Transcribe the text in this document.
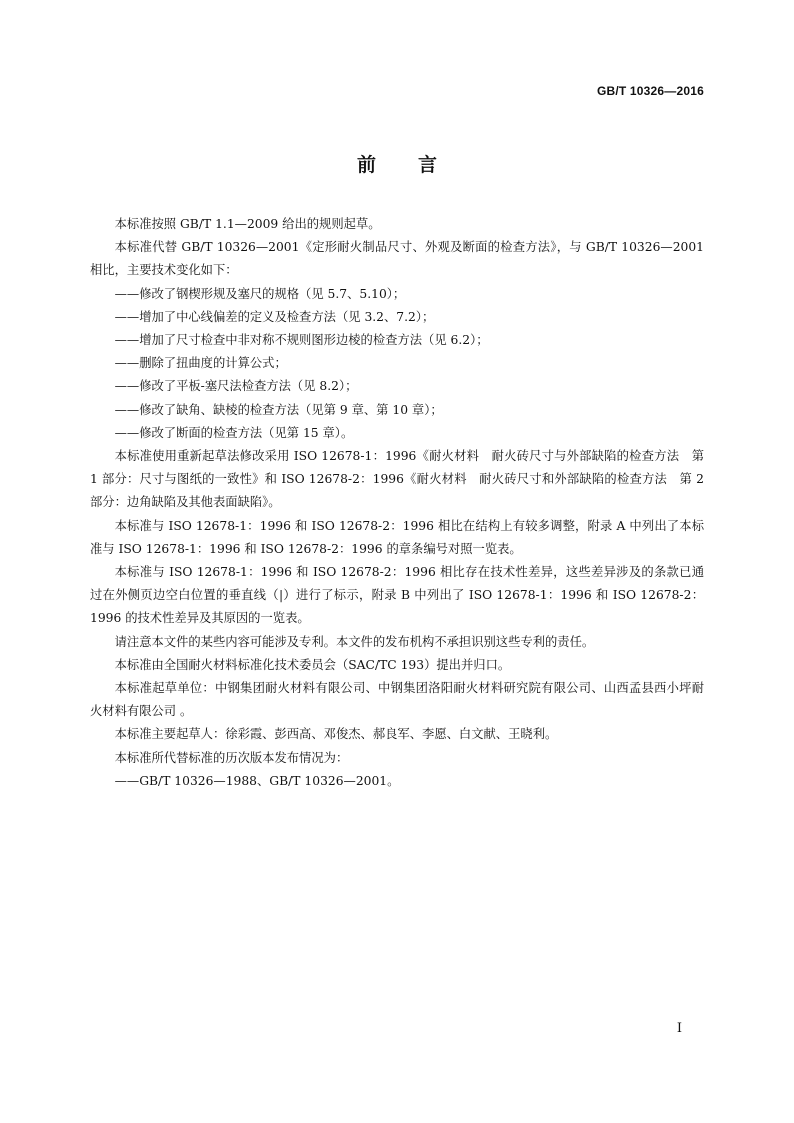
GB/T 10326—2016
前 言

本标准按照 GB/T 1.1—2009 给出的规则起草。

本标准代替 GB/T 10326—2001《定形耐火制品尺寸、外观及断面的检查方法》，与 GB/T 10326—2001 相比，主要技术变化如下：

——修改了钢楔形规及塞尺的规格（见 5.7、5.10）；

——增加了中心线偏差的定义及检查方法（见 3.2、7.2）；

——增加了尺寸检查中非对称不规则图形边棱的检查方法（见 6.2）；

——删除了扭曲度的计算公式；

——修改了平板-塞尺法检查方法（见 8.2）；

——修改了缺角、缺棱的检查方法（见第 9 章、第 10 章）；

——修改了断面的检查方法（见第 15 章）。

本标准使用重新起草法修改采用 ISO 12678-1：1996《耐火材料　耐火砖尺寸与外部缺陷的检查方法　第 1 部分：尺寸与图纸的一致性》和 ISO 12678-2：1996《耐火材料　耐火砖尺寸和外部缺陷的检查方法　第 2 部分：边角缺陷及其他表面缺陷》。

本标准与 ISO 12678-1：1996 和 ISO 12678-2：1996 相比在结构上有较多调整，附录 A 中列出了本标准与 ISO 12678-1：1996 和 ISO 12678-2：1996 的章条编号对照一览表。

本标准与 ISO 12678-1：1996 和 ISO 12678-2：1996 相比存在技术性差异，这些差异涉及的条款已通过在外侧页边空白位置的垂直线（|）进行了标示，附录 B 中列出了 ISO 12678-1：1996 和 ISO 12678-2：1996 的技术性差异及其原因的一览表。

请注意本文件的某些内容可能涉及专利。本文件的发布机构不承担识别这些专利的责任。

本标准由全国耐火材料标准化技术委员会（SAC/TC 193）提出并归口。

本标准起草单位：中钢集团耐火材料有限公司、中钢集团洛阳耐火材料研究院有限公司、山西孟县西小坪耐火材料有限公司 。

本标准主要起草人：徐彩霞、彭西高、邓俊杰、郝良军、李愿、白文献、王晓利。

本标准所代替标准的历次版本发布情况为：

——GB/T 10326—1988、GB/T 10326—2001。

I
